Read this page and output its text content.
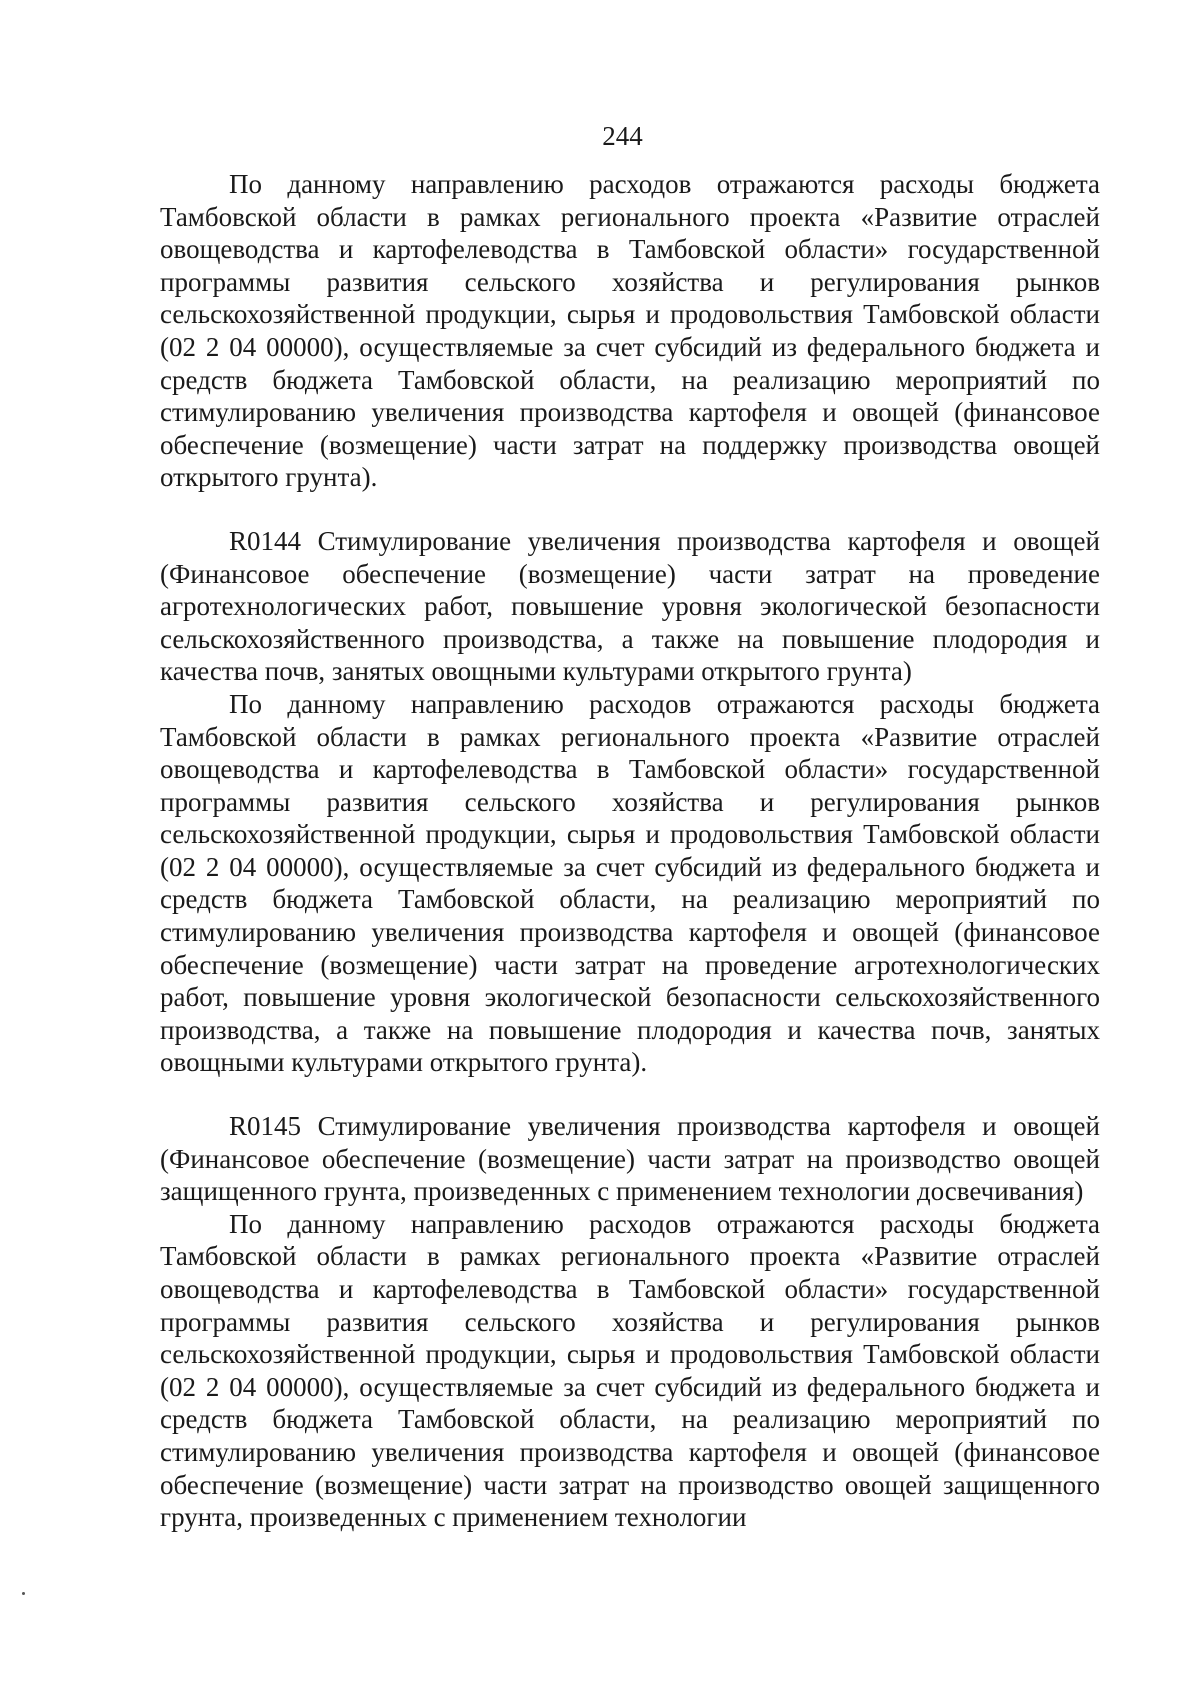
244

По данному направлению расходов отражаются расходы бюджета Тамбовской области в рамках регионального проекта «Развитие отраслей овощеводства и картофелеводства в Тамбовской области» государственной программы развития сельского хозяйства и регулирования рынков сельскохозяйственной продукции, сырья и продовольствия Тамбовской области (02 2 04 00000), осуществляемые за счет субсидий из федерального бюджета и средств бюджета Тамбовской области, на реализацию мероприятий по стимулированию увеличения производства картофеля и овощей (финансовое обеспечение (возмещение) части затрат на поддержку производства овощей открытого грунта).

R0144 Стимулирование увеличения производства картофеля и овощей (Финансовое обеспечение (возмещение) части затрат на проведение агротехнологических работ, повышение уровня экологической безопасности сельскохозяйственного производства, а также на повышение плодородия и качества почв, занятых овощными культурами открытого грунта)

По данному направлению расходов отражаются расходы бюджета Тамбовской области в рамках регионального проекта «Развитие отраслей овощеводства и картофелеводства в Тамбовской области» государственной программы развития сельского хозяйства и регулирования рынков сельскохозяйственной продукции, сырья и продовольствия Тамбовской области (02 2 04 00000), осуществляемые за счет субсидий из федерального бюджета и средств бюджета Тамбовской области, на реализацию мероприятий по стимулированию увеличения производства картофеля и овощей (финансовое обеспечение (возмещение) части затрат на проведение агротехнологических работ, повышение уровня экологической безопасности сельскохозяйственного производства, а также на повышение плодородия и качества почв, занятых овощными культурами открытого грунта).

R0145 Стимулирование увеличения производства картофеля и овощей (Финансовое обеспечение (возмещение) части затрат на производство овощей защищенного грунта, произведенных с применением технологии досвечивания)

По данному направлению расходов отражаются расходы бюджета Тамбовской области в рамках регионального проекта «Развитие отраслей овощеводства и картофелеводства в Тамбовской области» государственной программы развития сельского хозяйства и регулирования рынков сельскохозяйственной продукции, сырья и продовольствия Тамбовской области (02 2 04 00000), осуществляемые за счет субсидий из федерального бюджета и средств бюджета Тамбовской области, на реализацию мероприятий по стимулированию увеличения производства картофеля и овощей (финансовое обеспечение (возмещение) части затрат на производство овощей защищенного грунта, произведенных с применением технологии
